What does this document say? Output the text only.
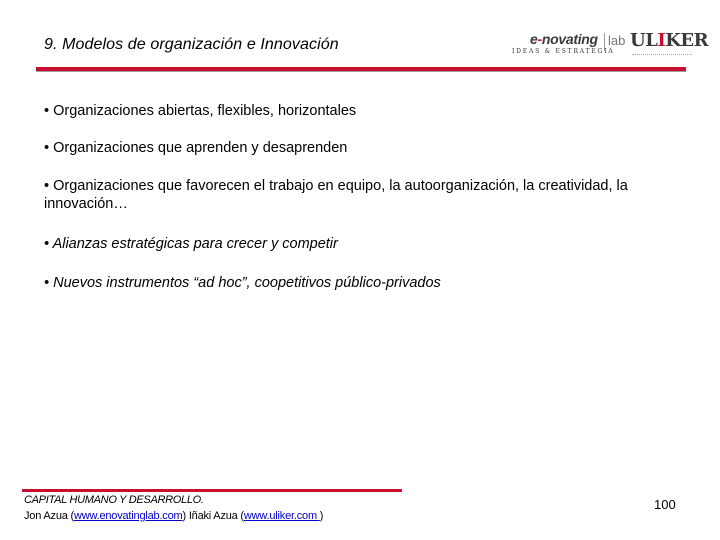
9. Modelos de organización e Innovación	e-novating lab
IDEAS & ESTRATEGIA
ULIKER
• Organizaciones abiertas, flexibles, horizontales
• Organizaciones que aprenden y desaprenden
• Organizaciones que favorecen el trabajo en equipo, la autoorganización, la creatividad, la innovación…
• Alianzas estratégicas para crecer y competir
• Nuevos instrumentos “ad hoc”, coopetitivos público-privados
CAPITAL HUMANO Y DESARROLLO.
Jon Azua (www.enovatinglab.com) Iñaki Azua (www.uliker.com )
100
